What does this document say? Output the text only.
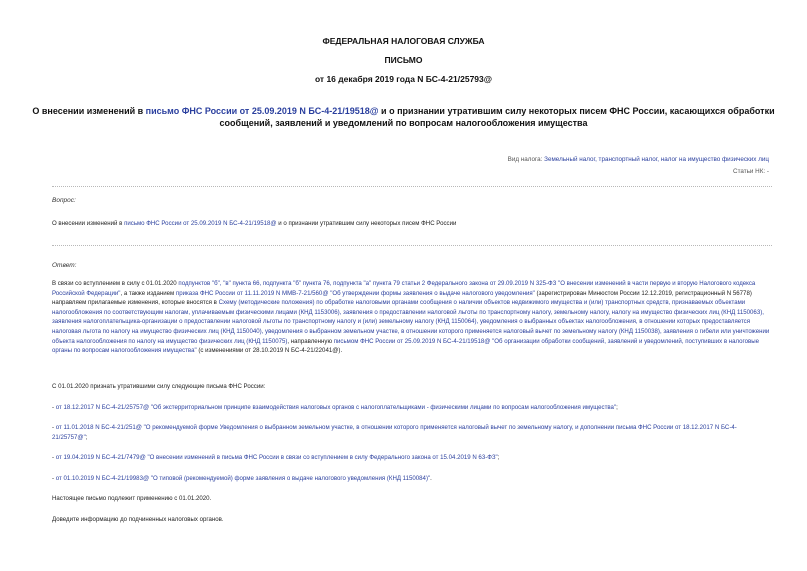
ФЕДЕРАЛЬНАЯ НАЛОГОВАЯ СЛУЖБА
ПИСЬМО
от 16 декабря 2019 года N БС-4-21/25793@
О внесении изменений в письмо ФНС России от 25.09.2019 N БС-4-21/19518@ и о признании утратившим силу некоторых писем ФНС России, касающихся обработки сообщений, заявлений и уведомлений по вопросам налогообложения имущества
Вид налога: Земельный налог, транспортный налог, налог на имущество физических лиц
Статьи НК: -
Вопрос:
О внесении изменений в письмо ФНС России от 25.09.2019 N БС-4-21/19518@ и о признании утратившим силу некоторых писем ФНС России
Ответ:
В связи со вступлением в силу с 01.01.2020 подпунктов "б", "в" пункта 66, подпункта "б" пункта 76, подпункта "а" пункта 79 статьи 2 Федерального закона от 29.09.2019 N 325-ФЗ "О внесении изменений в части первую и вторую Налогового кодекса Российской Федерации", а также изданием приказа ФНС России от 11.11.2019 N ММВ-7-21/560@ "Об утверждении формы заявления о выдаче налогового уведомления" (зарегистрирован Минюстом России 12.12.2019, регистрационный N 56778) направляем прилагаемые изменения, которые вносятся в Схему (методические положения) по обработке налоговыми органами сообщения о наличии объектов недвижимого имущества и (или) транспортных средств, признаваемых объектами налогообложения по соответствующим налогам, уплачиваемым физическими лицами (КНД 1153006), заявления о предоставлении налоговой льготы по транспортному налогу, земельному налогу, налогу на имущество физических лиц (КНД 1150063), заявления налогоплательщика-организации о предоставлении налоговой льготы по транспортному налогу и (или) земельному налогу (КНД 1150064), уведомления о выбранных объектах налогообложения, в отношении которых предоставляется налоговая льгота по налогу на имущество физических лиц (КНД 1150040), уведомления о выбранном земельном участке, в отношении которого применяется налоговый вычет по земельному налогу (КНД 1150038), заявления о гибели или уничтожении объекта налогообложения по налогу на имущество физических лиц (КНД 1150075), направленную письмом ФНС России от 25.09.2019 N БС-4-21/19518@ "Об организации обработки сообщений, заявлений и уведомлений, поступивших в налоговые органы по вопросам налогообложения имущества" (с изменениями от 28.10.2019 N БС-4-21/22041@).
С 01.01.2020 признать утратившими силу следующие письма ФНС России:
- от 18.12.2017 N БС-4-21/25757@ "Об экстерриториальном принципе взаимодействия налоговых органов с налогоплательщиками - физическими лицами по вопросам налогообложения имущества";
- от 11.01.2018 N БС-4-21/251@ "О рекомендуемой форме Уведомления о выбранном земельном участке, в отношении которого применяется налоговый вычет по земельному налогу, и дополнении письма ФНС России от 18.12.2017 N БС-4-21/25757@";
- от 19.04.2019 N БС-4-21/7479@ "О внесении изменений в письма ФНС России в связи со вступлением в силу Федерального закона от 15.04.2019 N 63-ФЗ";
- от 01.10.2019 N БС-4-21/19983@ "О типовой (рекомендуемой) форме заявления о выдаче налогового уведомления (КНД 1150084)".
Настоящее письмо подлежит применению с 01.01.2020.
Доведите информацию до подчиненных налоговых органов.
